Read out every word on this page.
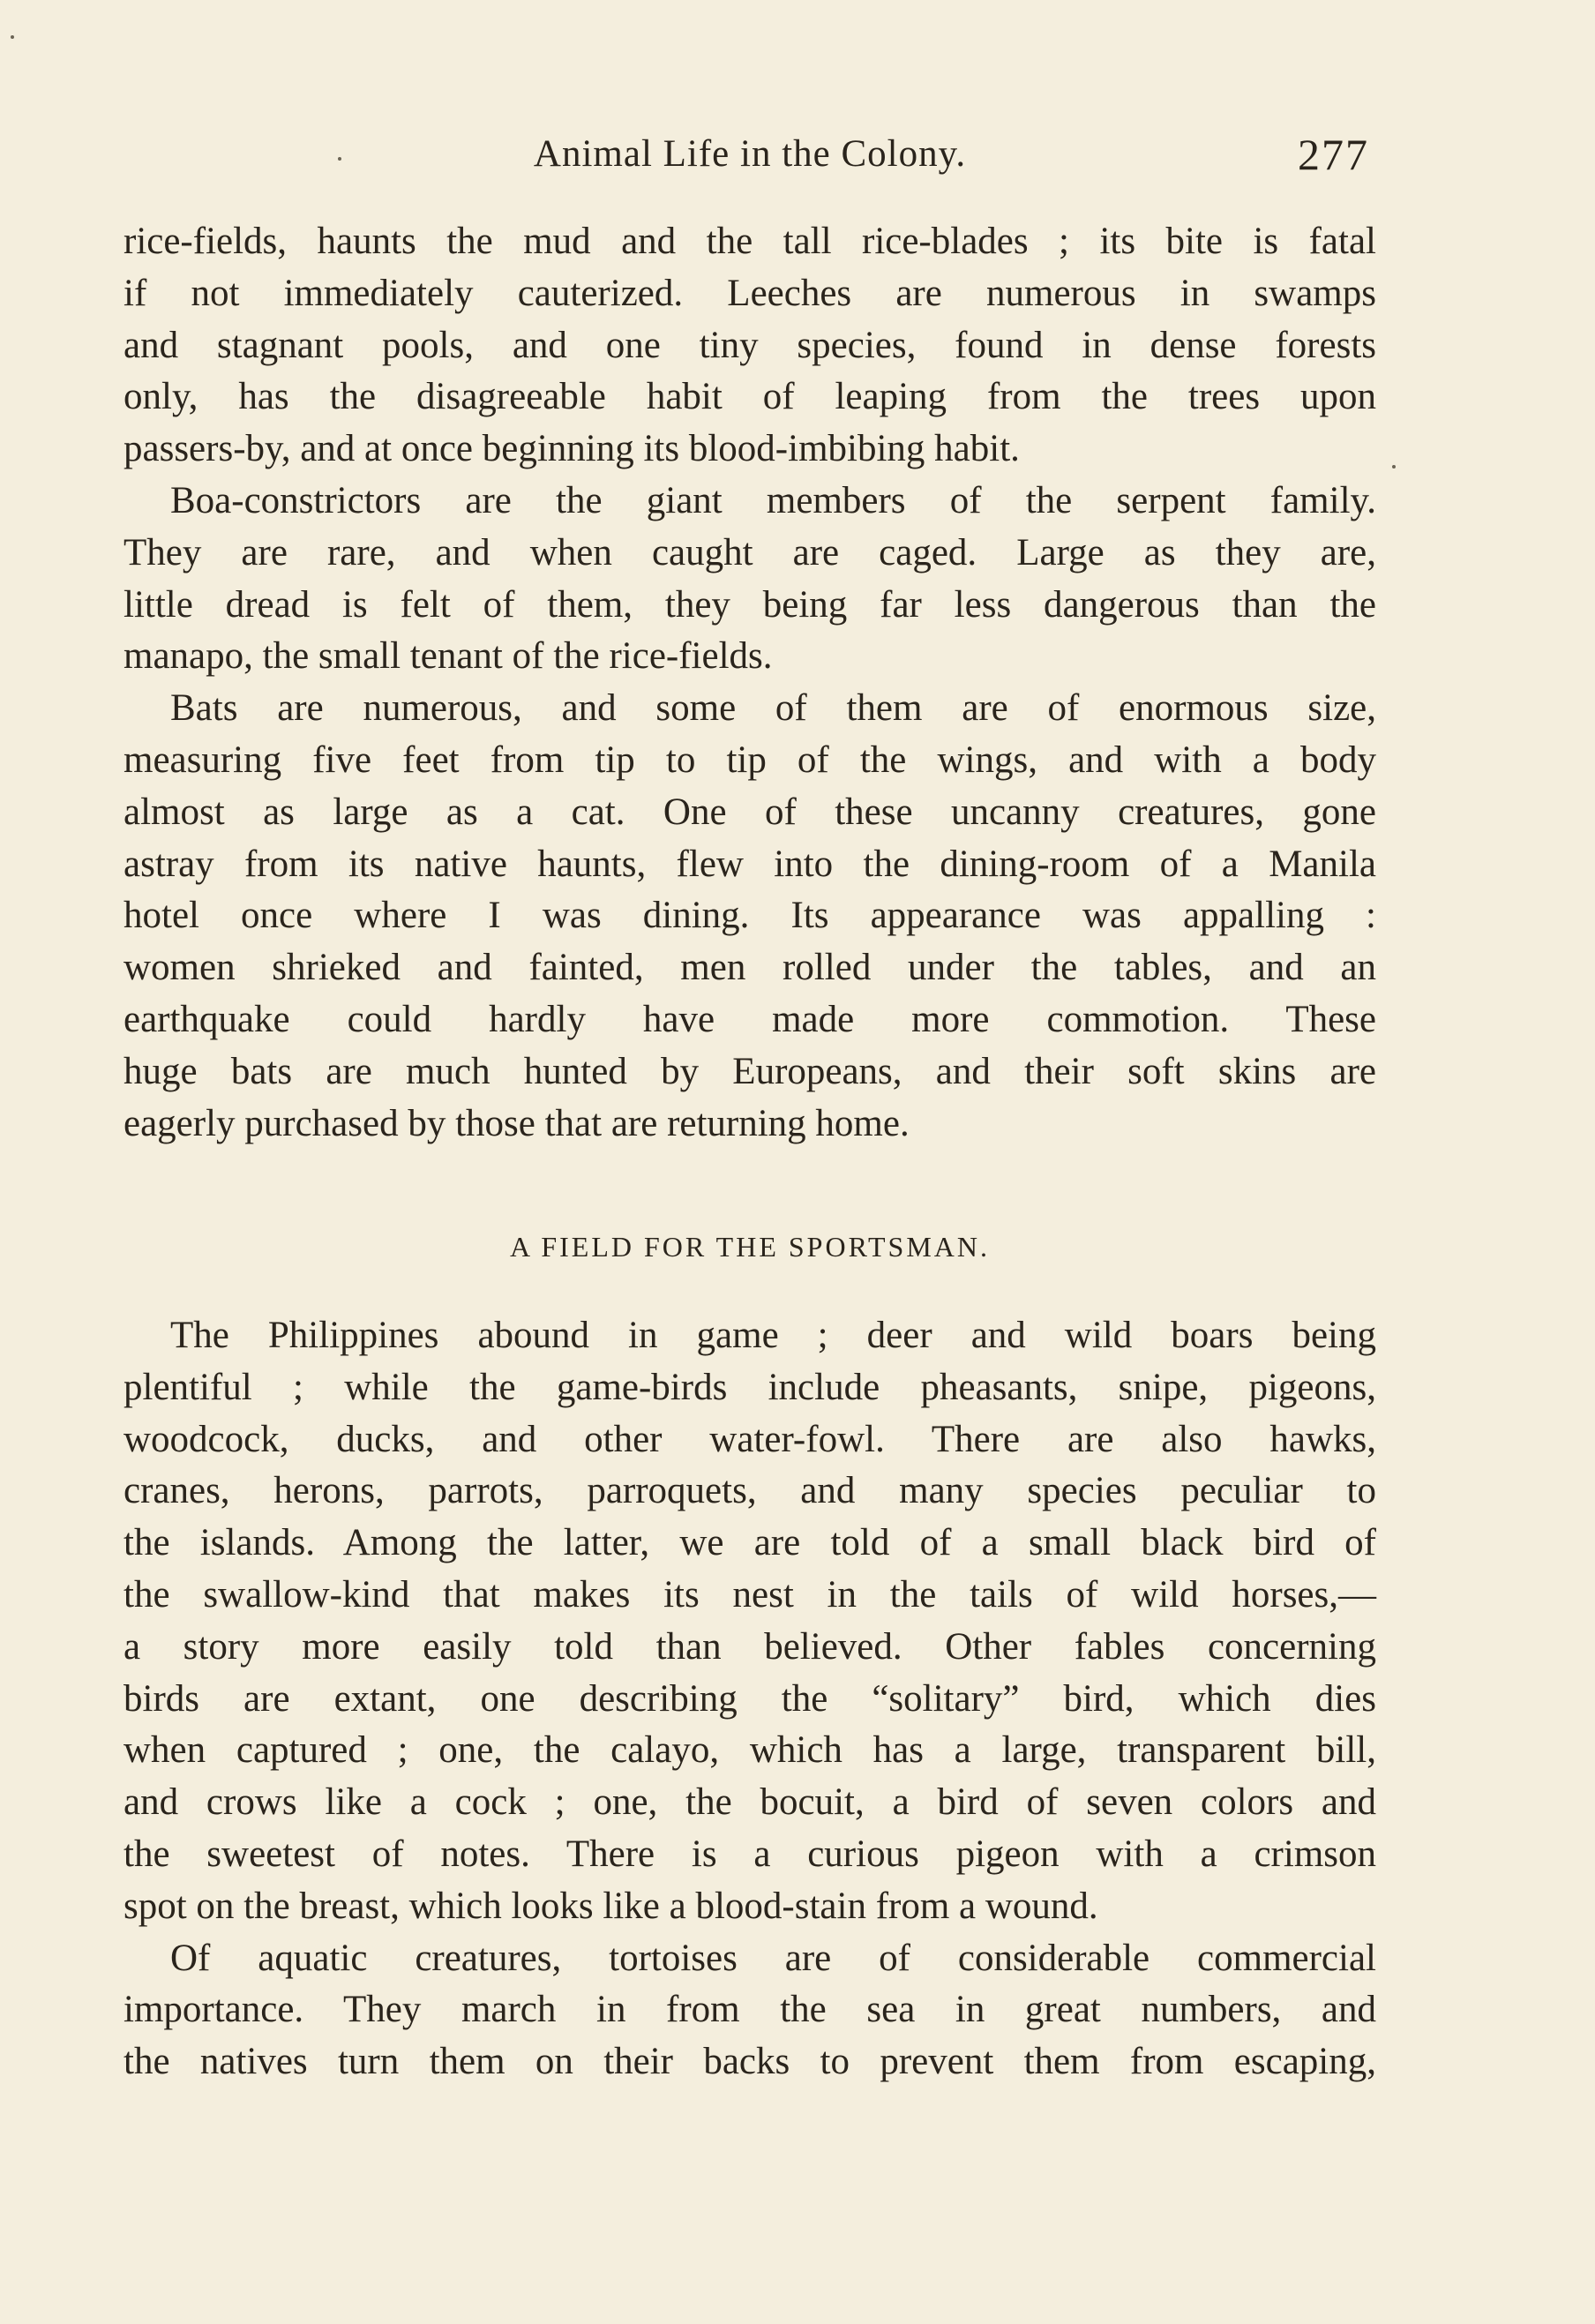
Animal Life in the Colony.	277
rice-fields, haunts the mud and the tall rice-blades ; its bite is fatal
if not immediately cauterized. Leeches are numerous in swamps
and stagnant pools, and one tiny species, found in dense forests
only, has the disagreeable habit of leaping from the trees upon
passers-by, and at once beginning its blood-imbibing habit.
Boa-constrictors are the giant members of the serpent family.
They are rare, and when caught are caged. Large as they are,
little dread is felt of them, they being far less dangerous than the
manapo, the small tenant of the rice-fields.
Bats are numerous, and some of them are of enormous size,
measuring five feet from tip to tip of the wings, and with a body
almost as large as a cat. One of these uncanny creatures, gone
astray from its native haunts, flew into the dining-room of a Manila
hotel once where I was dining. Its appearance was appalling :
women shrieked and fainted, men rolled under the tables, and an
earthquake could hardly have made more commotion. These
huge bats are much hunted by Europeans, and their soft skins are
eagerly purchased by those that are returning home.
A FIELD FOR THE SPORTSMAN.
The Philippines abound in game ; deer and wild boars being
plentiful ; while the game-birds include pheasants, snipe, pigeons,
woodcock, ducks, and other water-fowl. There are also hawks,
cranes, herons, parrots, parroquets, and many species peculiar to
the islands. Among the latter, we are told of a small black bird of
the swallow-kind that makes its nest in the tails of wild horses,—
a story more easily told than believed. Other fables concerning
birds are extant, one describing the “solitary” bird, which dies
when captured ; one, the calayo, which has a large, transparent bill,
and crows like a cock ; one, the bocuit, a bird of seven colors and
the sweetest of notes. There is a curious pigeon with a crimson
spot on the breast, which looks like a blood-stain from a wound.
Of aquatic creatures, tortoises are of considerable commercial
importance. They march in from the sea in great numbers, and
the natives turn them on their backs to prevent them from escaping,
